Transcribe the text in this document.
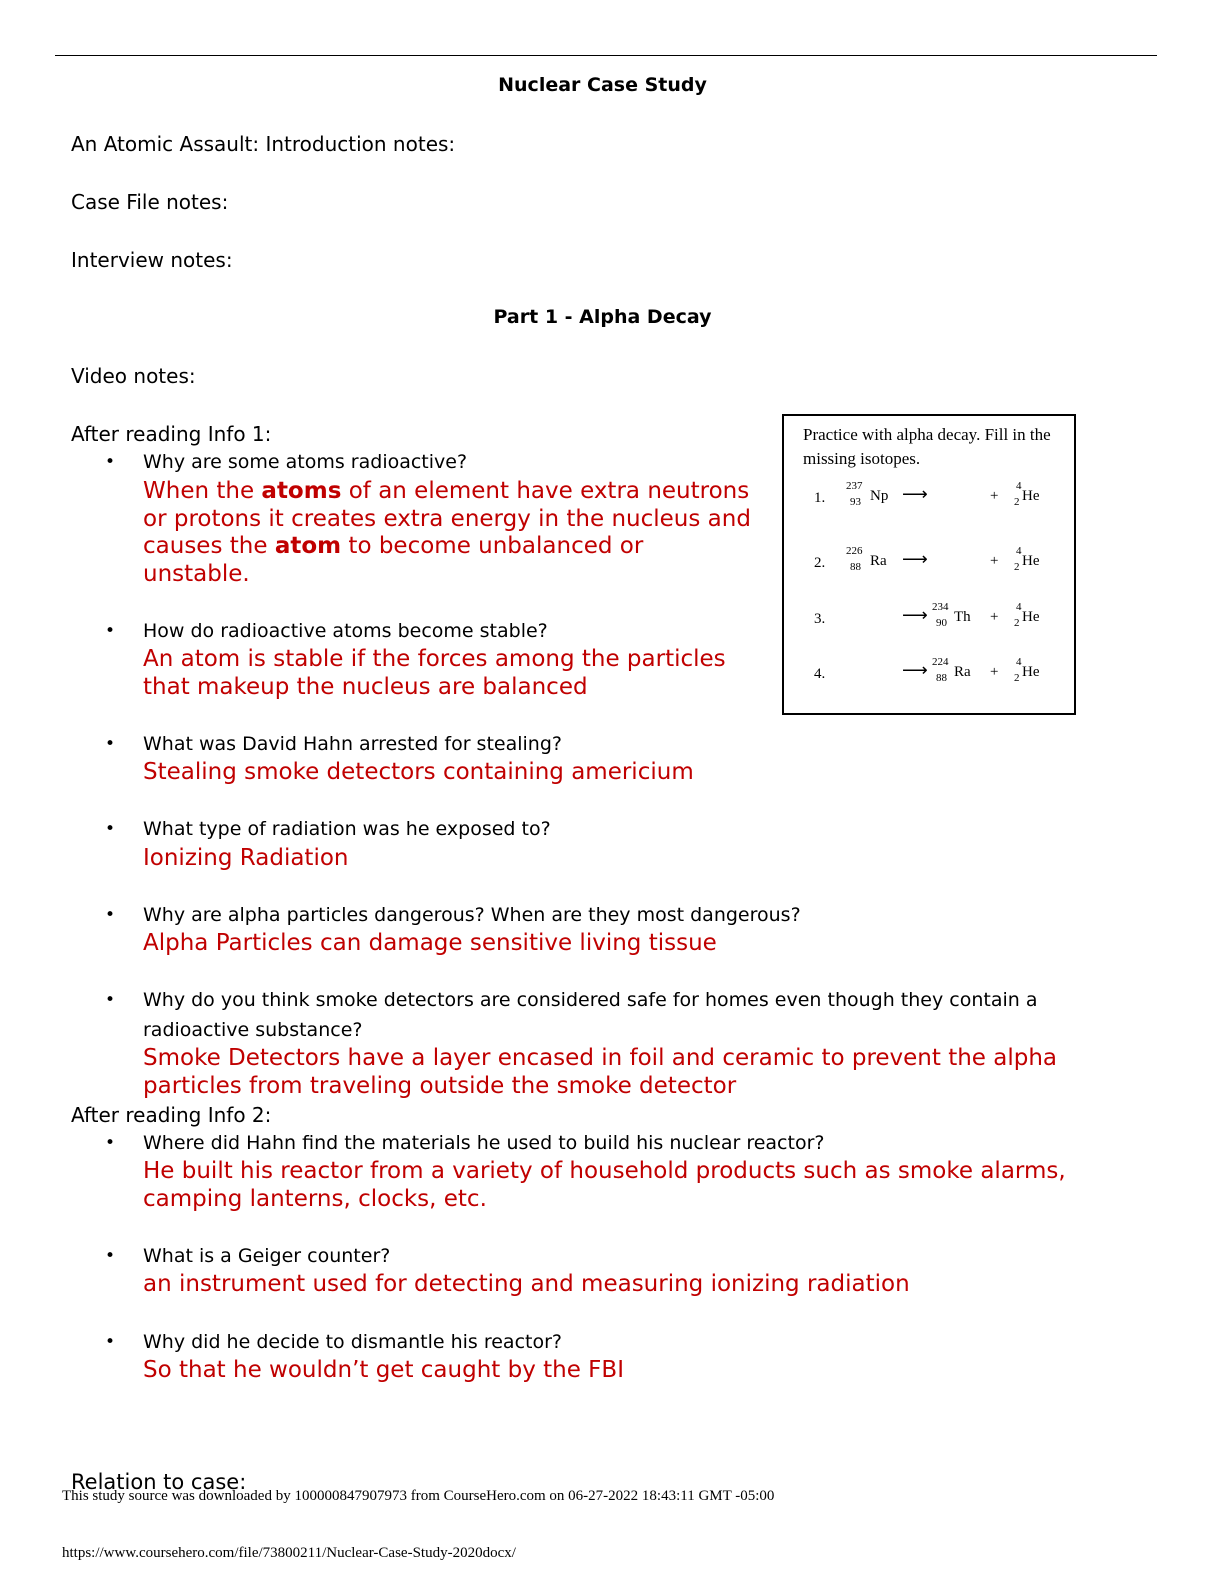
Nuclear Case Study
An Atomic Assault: Introduction notes:
Case File notes:
Interview notes:
Part 1 - Alpha Decay
Video notes:
After reading Info 1:
• Why are some atoms radioactive?
When the atoms of an element have extra neutrons or protons it creates extra energy in the nucleus and causes the atom to become unbalanced or unstable.
• How do radioactive atoms become stable?
An atom is stable if the forces among the particles that makeup the nucleus are balanced
• What was David Hahn arrested for stealing?
Stealing smoke detectors containing americium
• What type of radiation was he exposed to?
Ionizing Radiation
• Why are alpha particles dangerous? When are they most dangerous?
Alpha Particles can damage sensitive living tissue
• Why do you think smoke detectors are considered safe for homes even though they contain a
radioactive substance?
Smoke Detectors have a layer encased in foil and ceramic to prevent the alpha particles from traveling outside the smoke detector
After reading Info 2:
• Where did Hahn find the materials he used to build his nuclear reactor?
He built his reactor from a variety of household products such as smoke alarms, camping lanterns, clocks, etc.
• What is a Geiger counter?
an instrument used for detecting and measuring ionizing radiation
• Why did he decide to dismantle his reactor?
So that he wouldn’t get caught by the FBI
Practice with alpha decay. Fill in the missing isotopes.
1.
237
93 Np ⟶	+
4
2 He
2.
226
88 Ra ⟶	+
4
2 He
3.	⟶ 234
90 Th +
4
2 He
4.	⟶ 224
88 Ra +
4
2 He
Relation to case:
This study source was downloaded by 100000847907973 from CourseHero.com on 06-27-2022 18:43:11 GMT -05:00
https://www.coursehero.com/file/73800211/Nuclear-Case-Study-2020docx/
